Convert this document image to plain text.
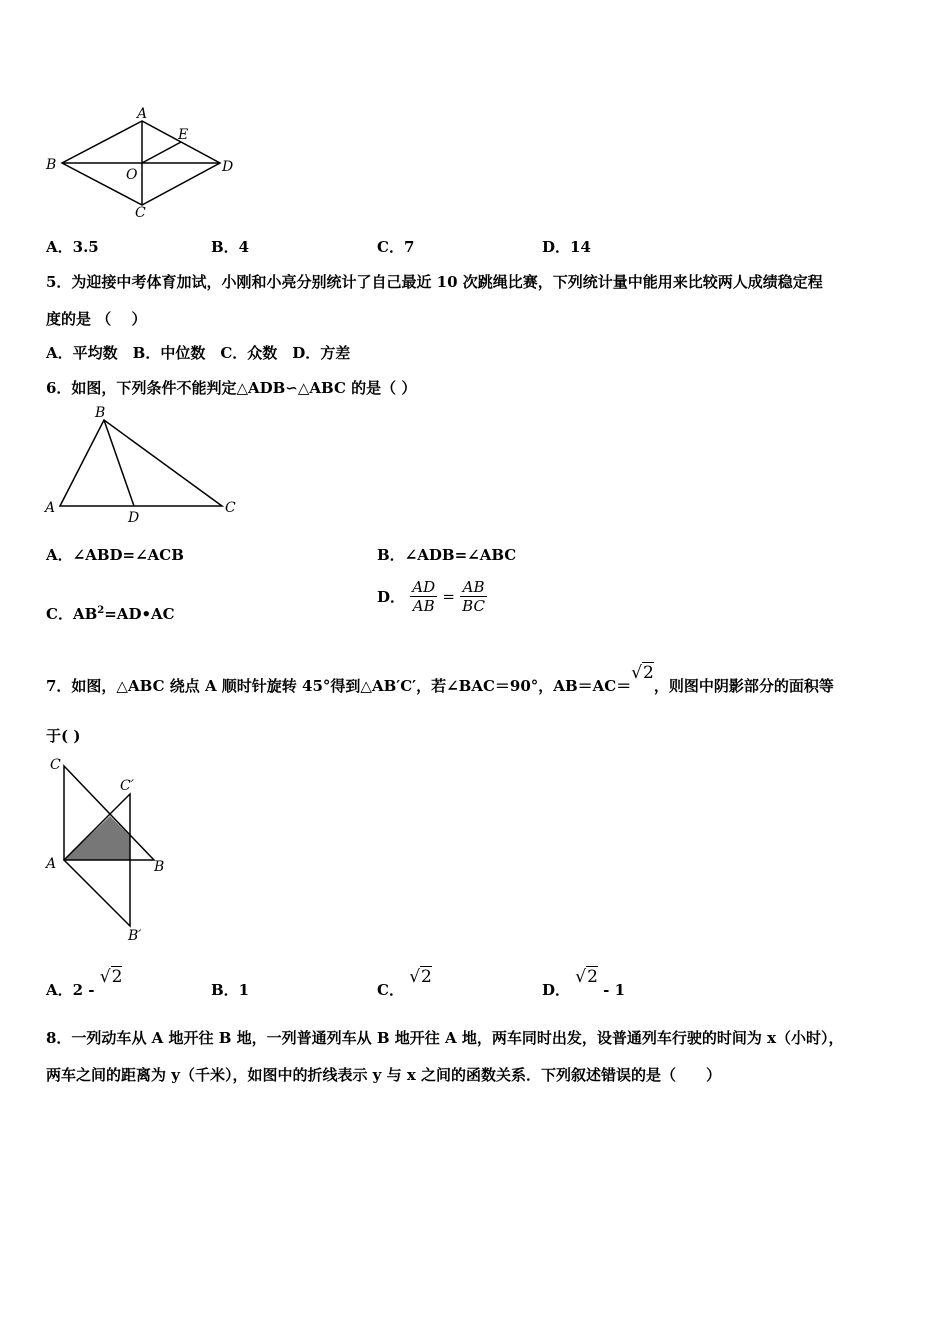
A
B
C
D
E
O
A．3.5	B．4	C．7	D．14
5．为迎接中考体育加试，小刚和小亮分别统计了自己最近 10 次跳绳比赛，下列统计量中能用来比较两人成绩稳定程
度的是 （　 ）
A．平均数　B．中位数　C．众数　D．方差
6．如图，下列条件不能判定△ADB∽△ABC 的是（ ）
B
A	C
D
A．∠ABD=∠ACB	B．∠ADB=∠ABC
C．$AB^2=AD•AC$
D． $\frac{AD}{AB} = \frac{AB}{BC}$
7．如图，△ABC 绕点 A 顺时针旋转 45°得到△AB′C′，若∠BAC＝90°，AB＝AC＝√2，则图中阴影部分的面积等
于( )
C
C′
A	B
B′
A．2 - √2
B．1	C． √2
D． √2 - 1
8．一列动车从 A 地开往 B 地，一列普通列车从 B 地开往 A 地，两车同时出发，设普通列车行驶的时间为 x（小时），
两车之间的距离为 y（千米），如图中的折线表示 y 与 x 之间的函数关系．下列叙述错误的是（　　）
